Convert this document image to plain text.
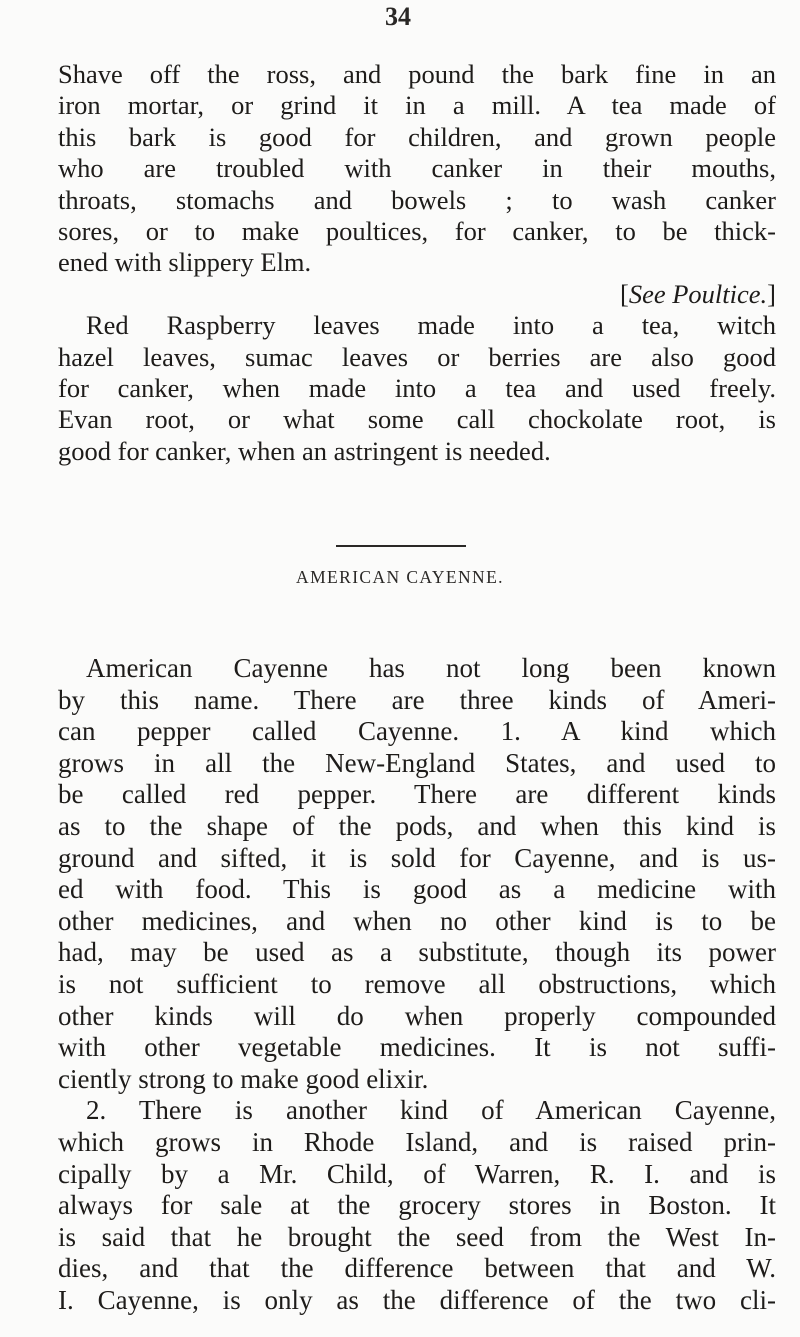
34
Shave off the ross, and pound the bark fine in an
iron mortar, or grind it in a mill. A tea made of
this bark is good for children, and grown people
who are troubled with canker in their mouths,
throats, stomachs and bowels ; to wash canker
sores, or to make poultices, for canker, to be thick-
ened with slippery Elm.
[See Poultice.]
Red Raspberry leaves made into a tea, witch
hazel leaves, sumac leaves or berries are also good
for canker, when made into a tea and used freely.
Evan root, or what some call chockolate root, is
good for canker, when an astringent is needed.
AMERICAN CAYENNE.
American Cayenne has not long been known
by this name. There are three kinds of Ameri-
can pepper called Cayenne. 1. A kind which
grows in all the New-England States, and used to
be called red pepper. There are different kinds
as to the shape of the pods, and when this kind is
ground and sifted, it is sold for Cayenne, and is us-
ed with food. This is good as a medicine with
other medicines, and when no other kind is to be
had, may be used as a substitute, though its power
is not sufficient to remove all obstructions, which
other kinds will do when properly compounded
with other vegetable medicines. It is not suffi-
ciently strong to make good elixir.
2. There is another kind of American Cayenne,
which grows in Rhode Island, and is raised prin-
cipally by a Mr. Child, of Warren, R. I. and is
always for sale at the grocery stores in Boston. It
is said that he brought the seed from the West In-
dies, and that the difference between that and W.
I. Cayenne, is only as the difference of the two cli-
